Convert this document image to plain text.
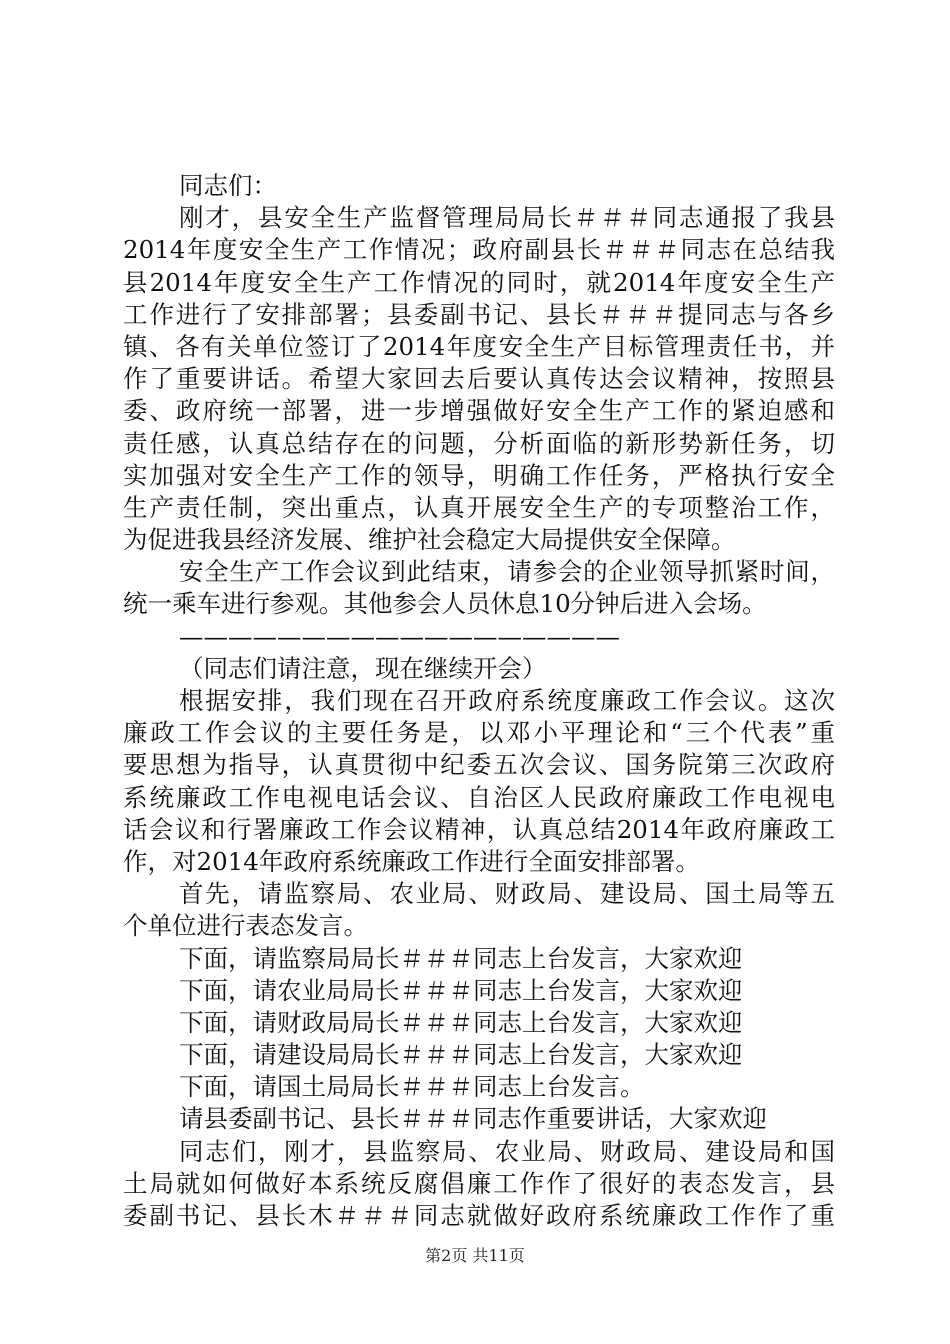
同志们：
刚才，县安全生产监督管理局局长＃＃＃同志通报了我县
2014年度安全生产工作情况；政府副县长＃＃＃同志在总结我
县2014年度安全生产工作情况的同时，就2014年度安全生产
工作进行了安排部署；县委副书记、县长＃＃＃提同志与各乡
镇、各有关单位签订了2014年度安全生产目标管理责任书，并
作了重要讲话。希望大家回去后要认真传达会议精神，按照县
委、政府统一部署，进一步增强做好安全生产工作的紧迫感和
责任感，认真总结存在的问题，分析面临的新形势新任务，切
实加强对安全生产工作的领导，明确工作任务，严格执行安全
生产责任制，突出重点，认真开展安全生产的专项整治工作，
为促进我县经济发展、维护社会稳定大局提供安全保障。
安全生产工作会议到此结束，请参会的企业领导抓紧时间，
统一乘车进行参观。其他参会人员休息10分钟后进入会场。
——————————————————
（同志们请注意，现在继续开会）
根据安排，我们现在召开政府系统度廉政工作会议。这次
廉政工作会议的主要任务是，以邓小平理论和“三个代表”重
要思想为指导，认真贯彻中纪委五次会议、国务院第三次政府
系统廉政工作电视电话会议、自治区人民政府廉政工作电视电
话会议和行署廉政工作会议精神，认真总结2014年政府廉政工
作，对2014年政府系统廉政工作进行全面安排部署。
首先，请监察局、农业局、财政局、建设局、国土局等五
个单位进行表态发言。
下面，请监察局局长＃＃＃同志上台发言，大家欢迎
下面，请农业局局长＃＃＃同志上台发言，大家欢迎
下面，请财政局局长＃＃＃同志上台发言，大家欢迎
下面，请建设局局长＃＃＃同志上台发言，大家欢迎
下面，请国土局局长＃＃＃同志上台发言。
请县委副书记、县长＃＃＃同志作重要讲话，大家欢迎
同志们，刚才，县监察局、农业局、财政局、建设局和国
土局就如何做好本系统反腐倡廉工作作了很好的表态发言，县
委副书记、县长木＃＃＃同志就做好政府系统廉政工作作了重
第2页 共11页
